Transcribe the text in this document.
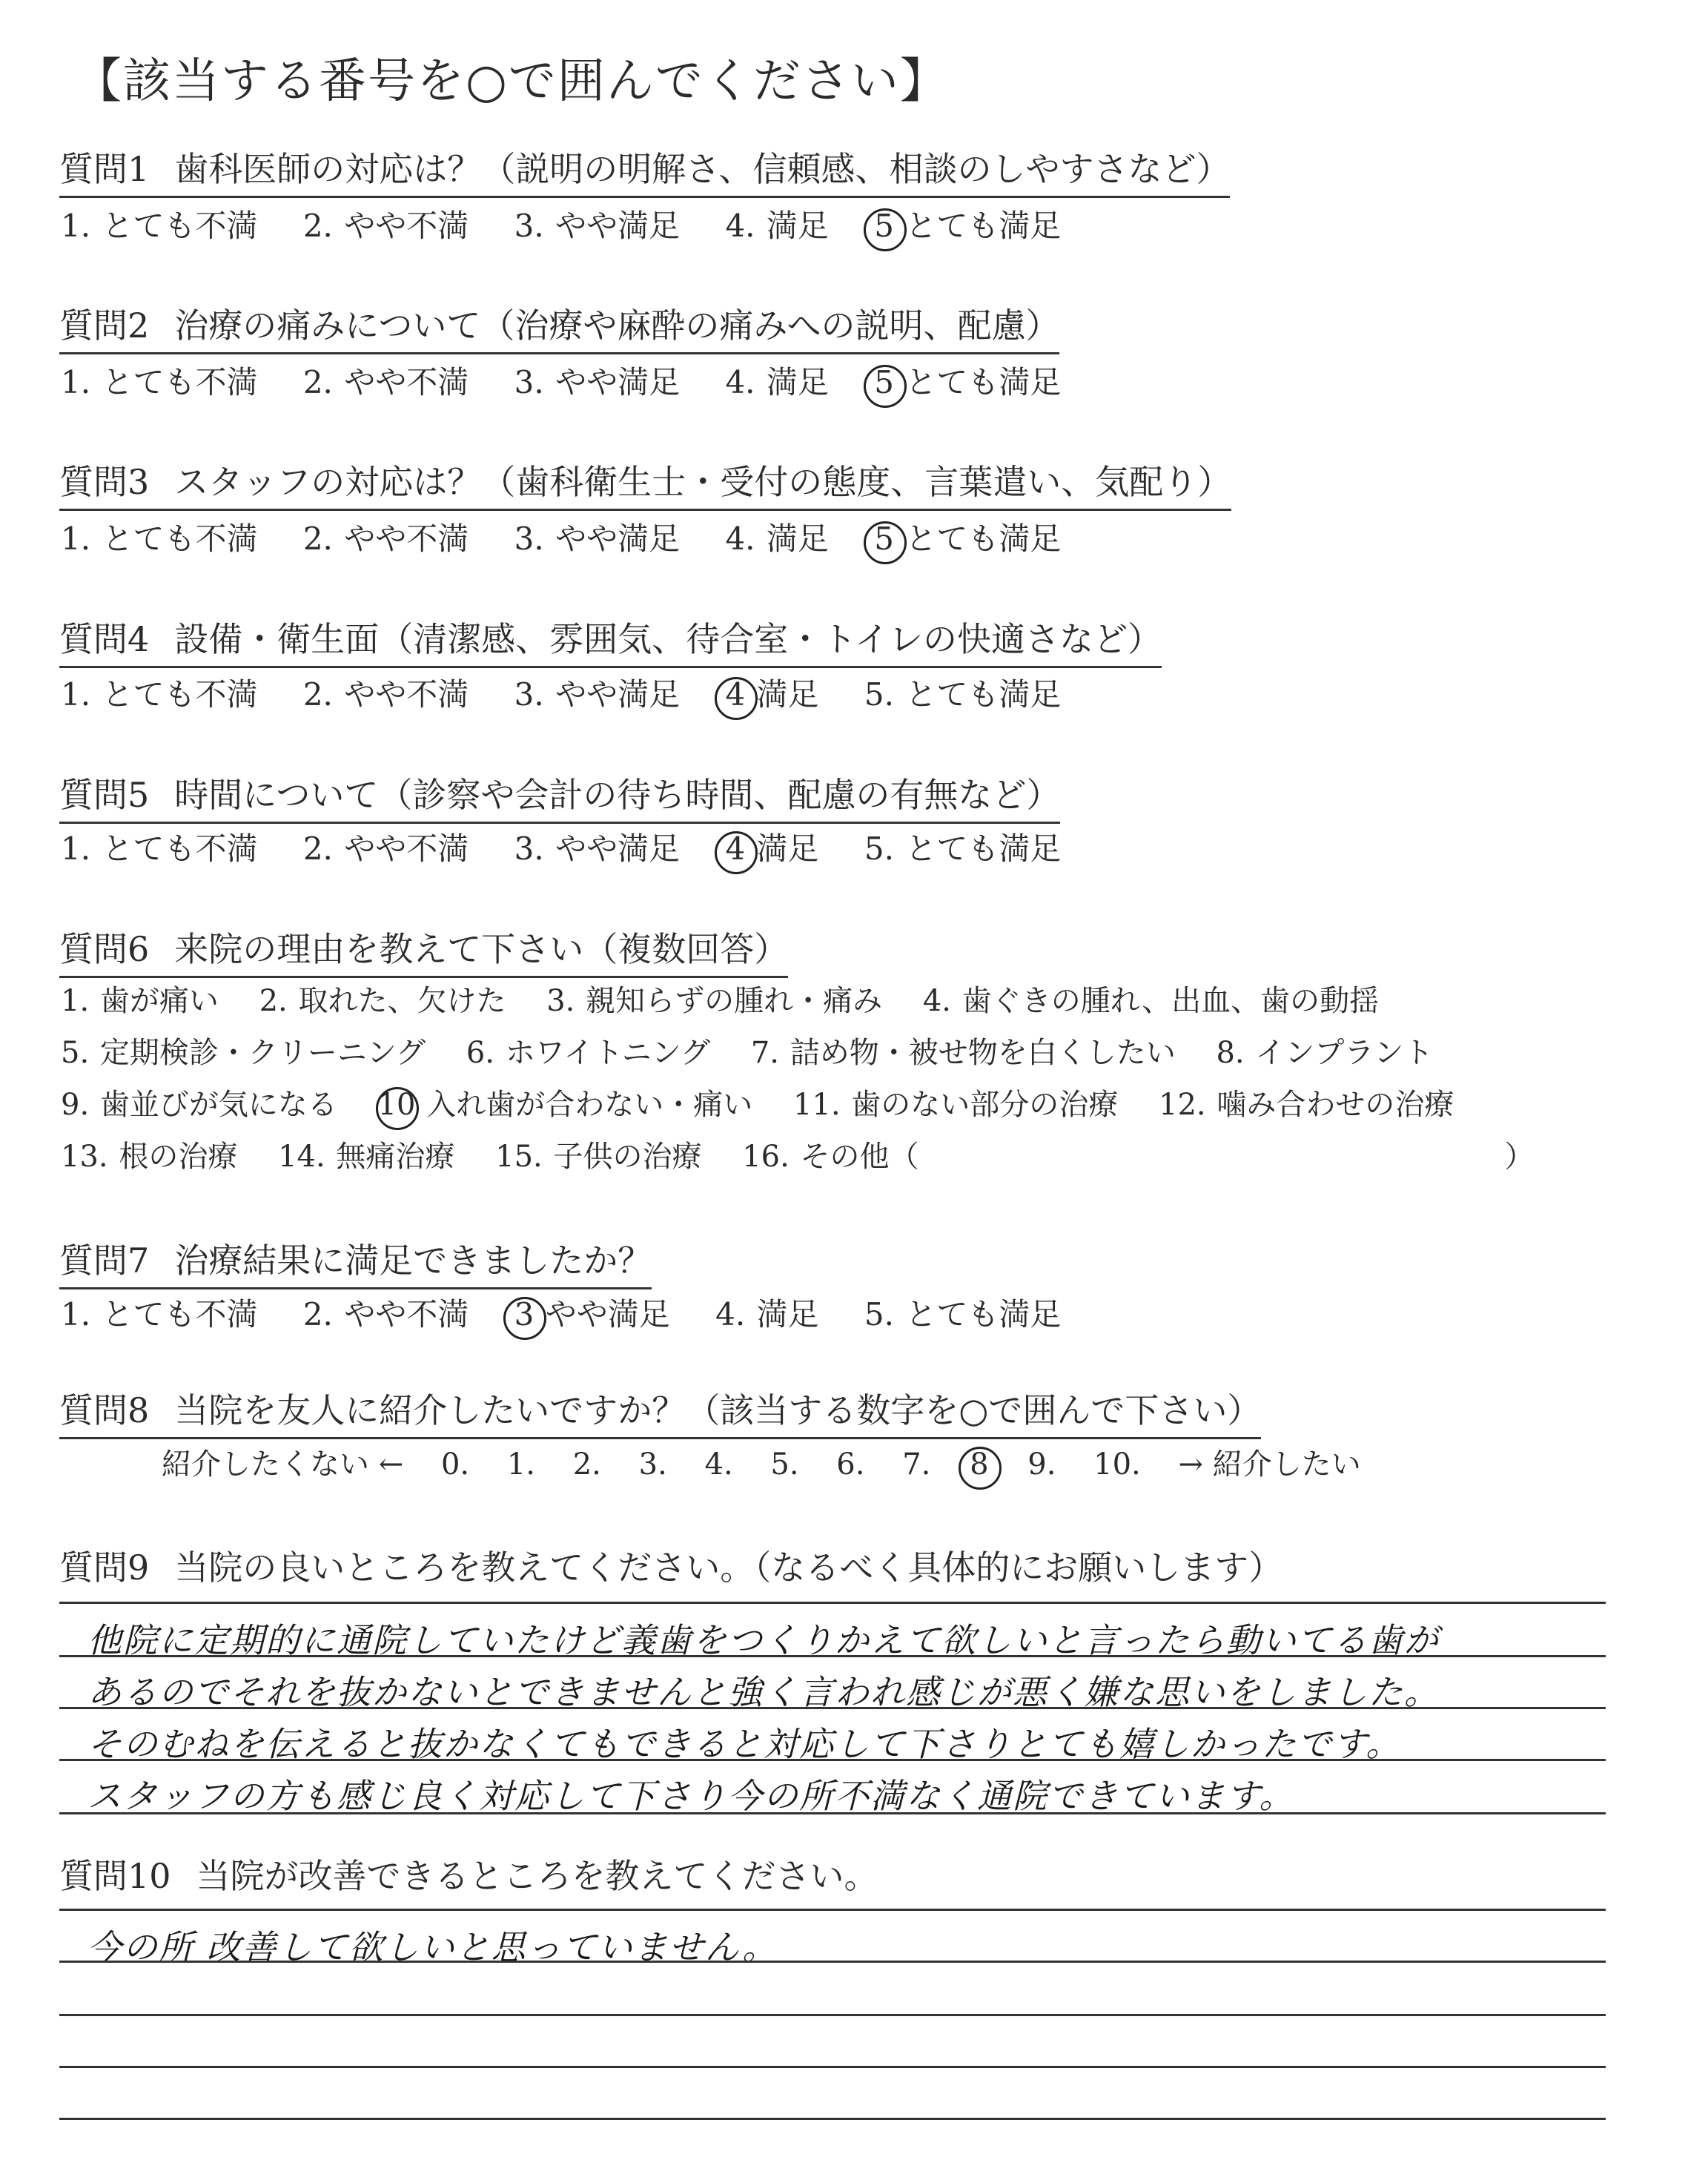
【該当する番号を○で囲んでください】
質問1 歯科医師の対応は？（説明の明解さ、信頼感、相談のしやすさなど）
1. とても不満 2. やや不満 3. やや満足 4. 満足 5 とても満足
質問2 治療の痛みについて（治療や麻酔の痛みへの説明、配慮）
1. とても不満 2. やや不満 3. やや満足 4. 満足 5 とても満足
質問3 スタッフの対応は？（歯科衛生士・受付の態度、言葉遣い、気配り）
1. とても不満 2. やや不満 3. やや満足 4. 満足 5 とても満足
質問4 設備・衛生面（清潔感、雰囲気、待合室・トイレの快適さなど）
1. とても不満 2. やや不満 3. やや満足 4 満足 5. とても満足
質問5 時間について（診察や会計の待ち時間、配慮の有無など）
1. とても不満 2. やや不満 3. やや満足 4 満足 5. とても満足
質問6 来院の理由を教えて下さい（複数回答）
1. 歯が痛い 2. 取れた、欠けた 3. 親知らずの腫れ・痛み 4. 歯ぐきの腫れ、出血、歯の動揺
5. 定期検診・クリーニング 6. ホワイトニング 7. 詰め物・被せ物を白くしたい 8. インプラント
9. 歯並びが気になる 10 入れ歯が合わない・痛い 11. 歯のない部分の治療 12. 噛み合わせの治療
13. 根の治療 14. 無痛治療 15. 子供の治療 16. その他（	）
質問7 治療結果に満足できましたか？
1. とても不満 2. やや不満 3 やや満足 4. 満足 5. とても満足
質問8 当院を友人に紹介したいですか？（該当する数字を○で囲んで下さい）
紹介したくない ← 0. 1. 2. 3. 4. 5. 6. 7. 8 9. 10. → 紹介したい
質問9 当院の良いところを教えてください。（なるべく具体的にお願いします）
他院に定期的に通院していたけど義歯をつくりかえて欲しいと言ったら動いてる歯が
あるのでそれを抜かないとできませんと強く言われ感じが悪く嫌な思いをしました。
そのむねを伝えると抜かなくてもできると対応して下さりとても嬉しかったです。
スタッフの方も感じ良く対応して下さり今の所不満なく通院できています。
質問10 当院が改善できるところを教えてください。
今の所 改善して欲しいと思っていません。
